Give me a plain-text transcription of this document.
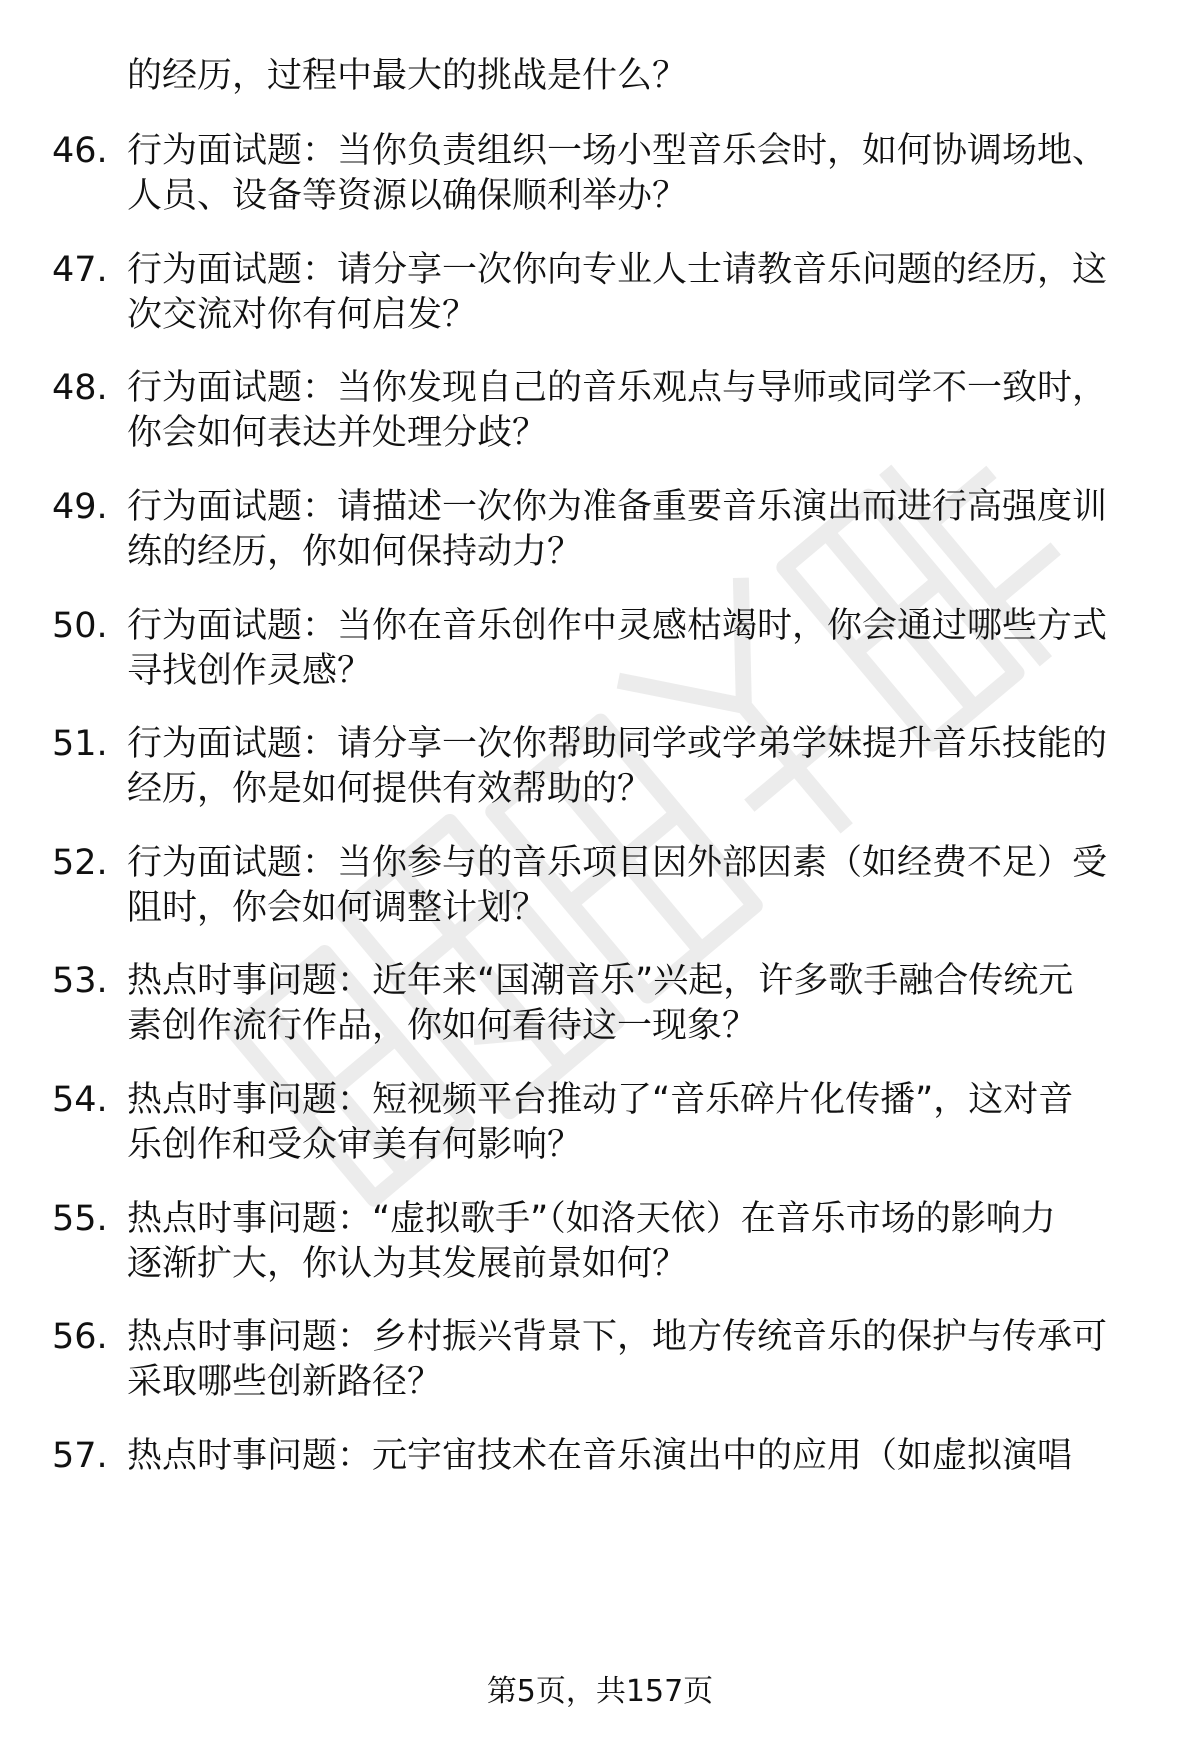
的经历，过程中最大的挑战是什么？
46. 行为面试题：当你负责组织一场小型音乐会时，如何协调场地、
人员、设备等资源以确保顺利举办？
47. 行为面试题：请分享一次你向专业人士请教音乐问题的经历，这
次交流对你有何启发？
48. 行为面试题：当你发现自己的音乐观点与导师或同学不一致时，
你会如何表达并处理分歧？
49. 行为面试题：请描述一次你为准备重要音乐演出而进行高强度训
练的经历，你如何保持动力？
50. 行为面试题：当你在音乐创作中灵感枯竭时，你会通过哪些方式
寻找创作灵感？
51. 行为面试题：请分享一次你帮助同学或学弟学妹提升音乐技能的
经历，你是如何提供有效帮助的？
52. 行为面试题：当你参与的音乐项目因外部因素（如经费不足）受
阻时，你会如何调整计划？
53. 热点时事问题：近年来“国潮音乐”兴起，许多歌手融合传统元
素创作流行作品，你如何看待这一现象？
54. 热点时事问题：短视频平台推动了“音乐碎片化传播”，这对音
乐创作和受众审美有何影响？
55. 热点时事问题：“虚拟歌手”（如洛天依）在音乐市场的影响力
逐渐扩大，你认为其发展前景如何？
56. 热点时事问题：乡村振兴背景下，地方传统音乐的保护与传承可
采取哪些创新路径？
57. 热点时事问题：元宇宙技术在音乐演出中的应用（如虚拟演唱
第5页，共157页
